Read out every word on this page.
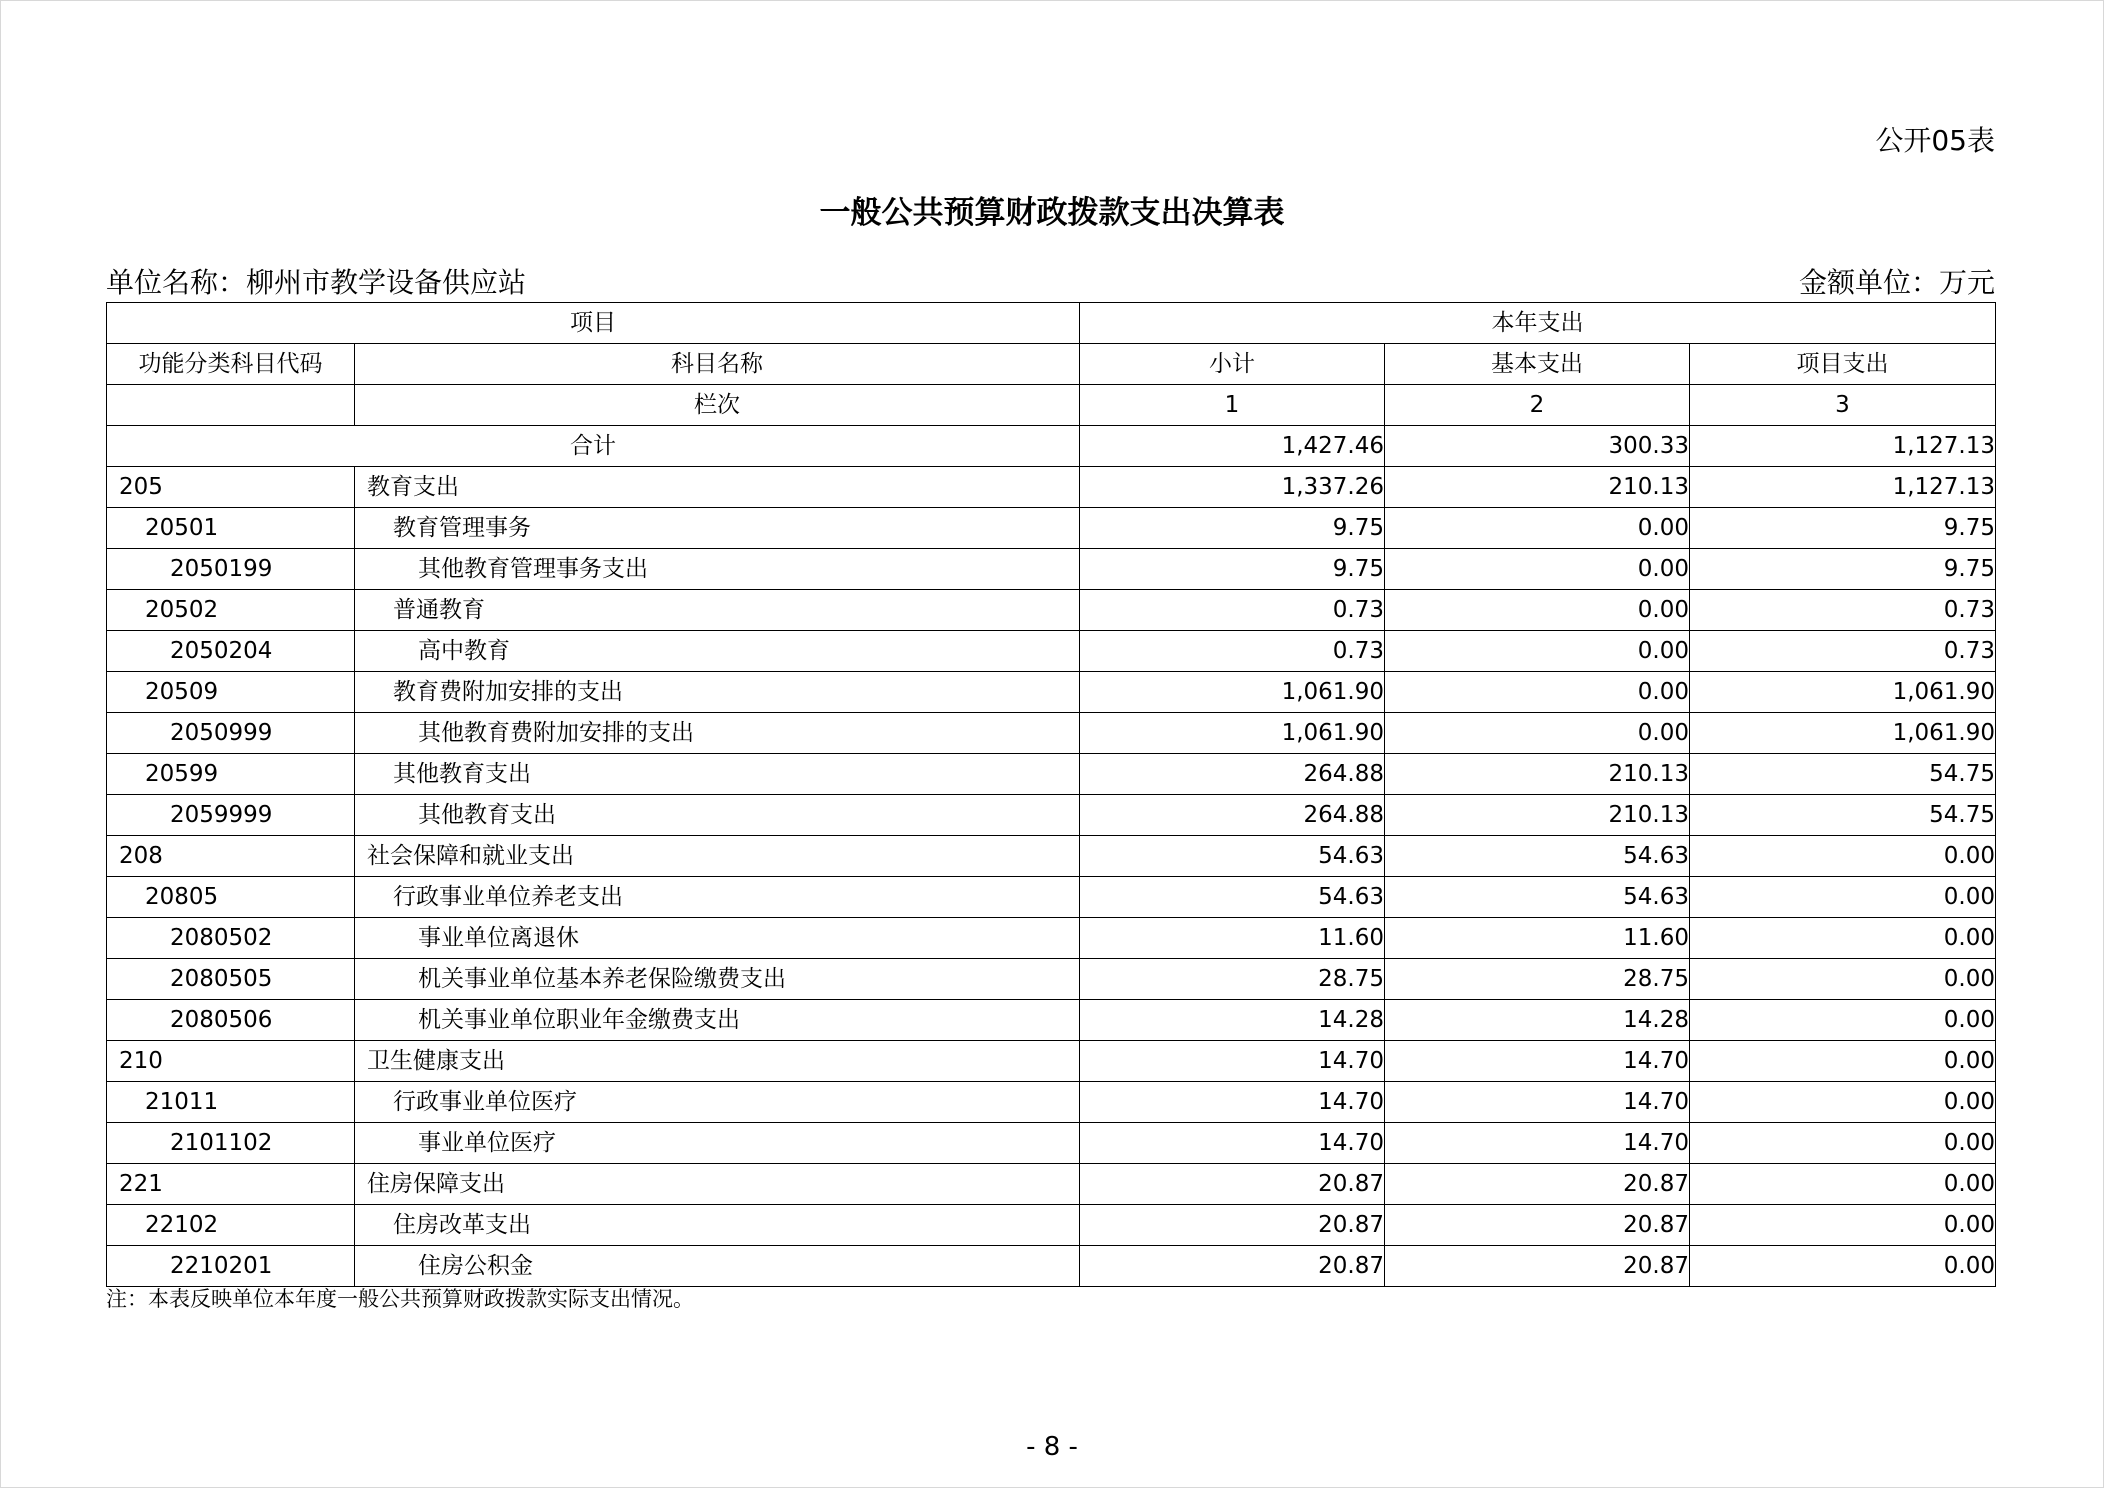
公开05表
一般公共预算财政拨款支出决算表
单位名称：柳州市教学设备供应站	金额单位：万元
项目		本年支出		
功能分类科目代码	科目名称	小计	基本支出	项目支出
	栏次	1	2	3
合计		1,427.46	300.33	1,127.13
205	教育支出	1,337.26	210.13	1,127.13
20501	教育管理事务	9.75	0.00	9.75
2050199	其他教育管理事务支出	9.75	0.00	9.75
20502	普通教育	0.73	0.00	0.73
2050204	高中教育	0.73	0.00	0.73
20509	教育费附加安排的支出	1,061.90	0.00	1,061.90
2050999	其他教育费附加安排的支出	1,061.90	0.00	1,061.90
20599	其他教育支出	264.88	210.13	54.75
2059999	其他教育支出	264.88	210.13	54.75
208	社会保障和就业支出	54.63	54.63	0.00
20805	行政事业单位养老支出	54.63	54.63	0.00
2080502	事业单位离退休	11.60	11.60	0.00
2080505	机关事业单位基本养老保险缴费支出	28.75	28.75	0.00
2080506	机关事业单位职业年金缴费支出	14.28	14.28	0.00
210	卫生健康支出	14.70	14.70	0.00
21011	行政事业单位医疗	14.70	14.70	0.00
2101102	事业单位医疗	14.70	14.70	0.00
221	住房保障支出	20.87	20.87	0.00
22102	住房改革支出	20.87	20.87	0.00
2210201	住房公积金	20.87	20.87	0.00
注：本表反映单位本年度一般公共预算财政拨款实际支出情况。
- 8 -
